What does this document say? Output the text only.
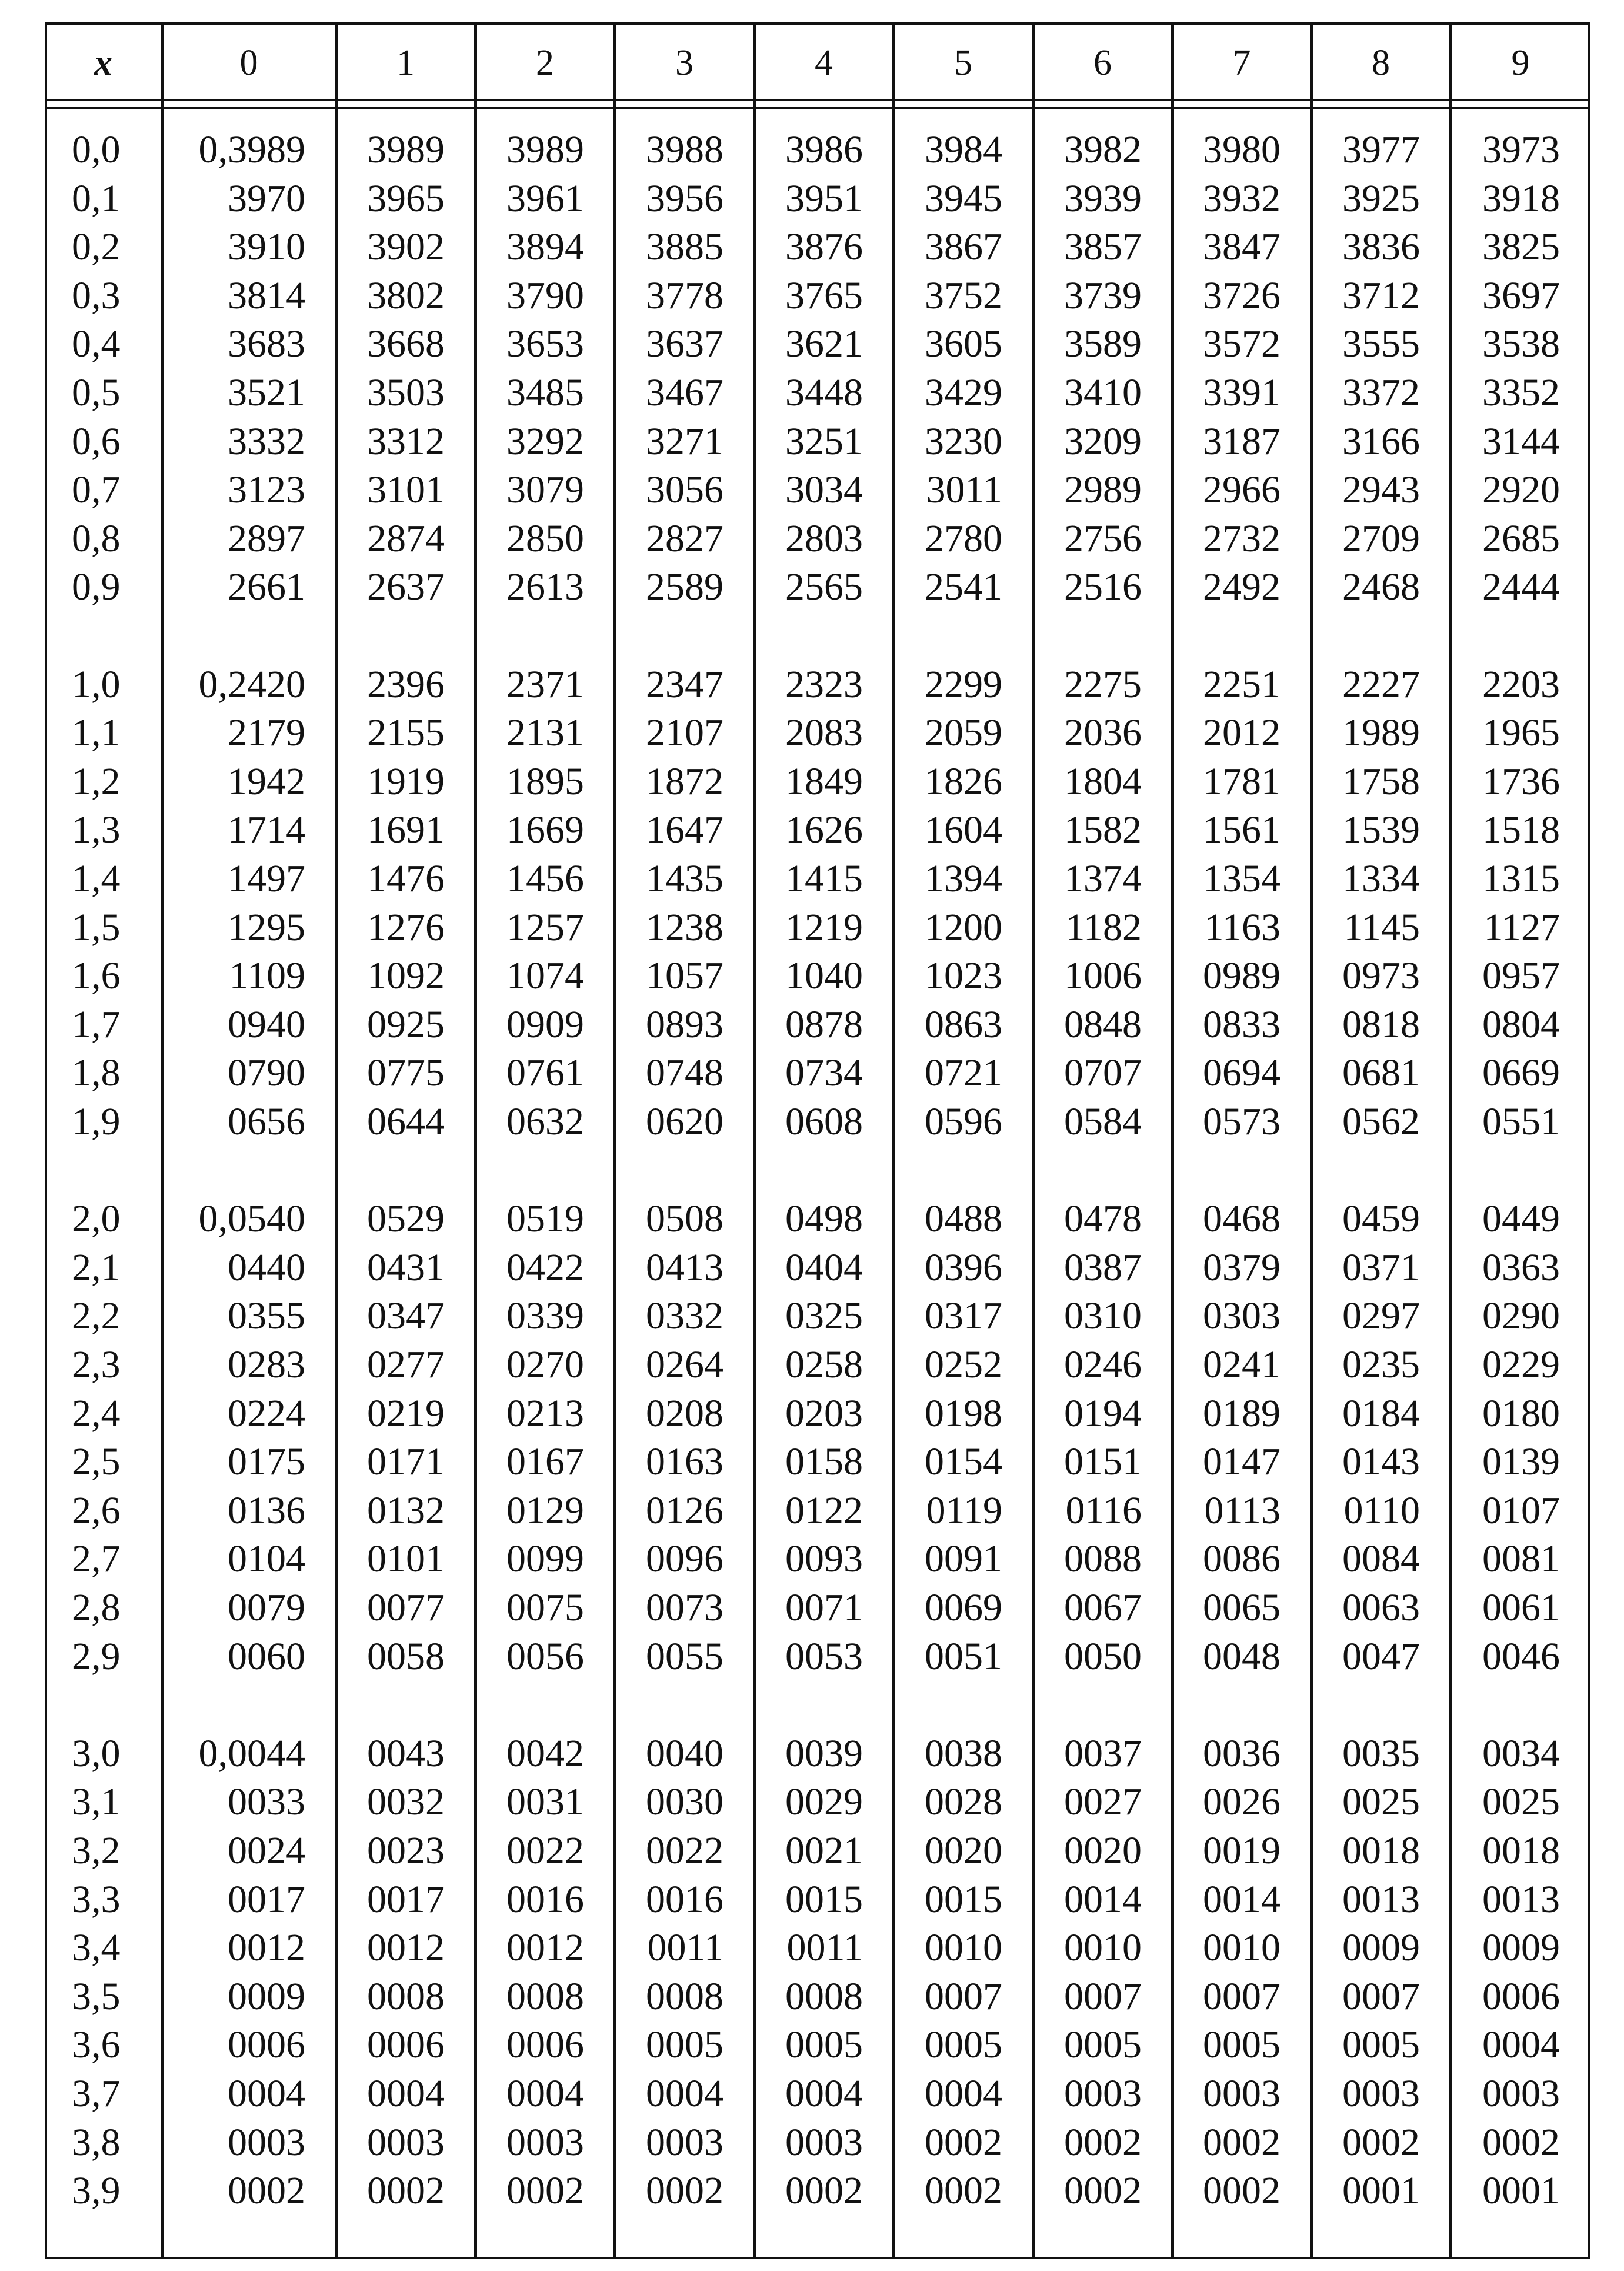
x	0	1	2	3	4	5	6	7	8	9
0,0	0,3989	3989	3989	3988	3986	3984	3982	3980	3977	3973
0,1	3970	3965	3961	3956	3951	3945	3939	3932	3925	3918
0,2	3910	3902	3894	3885	3876	3867	3857	3847	3836	3825
0,3	3814	3802	3790	3778	3765	3752	3739	3726	3712	3697
0,4	3683	3668	3653	3637	3621	3605	3589	3572	3555	3538
0,5	3521	3503	3485	3467	3448	3429	3410	3391	3372	3352
0,6	3332	3312	3292	3271	3251	3230	3209	3187	3166	3144
0,7	3123	3101	3079	3056	3034	3011	2989	2966	2943	2920
0,8	2897	2874	2850	2827	2803	2780	2756	2732	2709	2685
0,9	2661	2637	2613	2589	2565	2541	2516	2492	2468	2444
1,0	0,2420	2396	2371	2347	2323	2299	2275	2251	2227	2203
1,1	2179	2155	2131	2107	2083	2059	2036	2012	1989	1965
1,2	1942	1919	1895	1872	1849	1826	1804	1781	1758	1736
1,3	1714	1691	1669	1647	1626	1604	1582	1561	1539	1518
1,4	1497	1476	1456	1435	1415	1394	1374	1354	1334	1315
1,5	1295	1276	1257	1238	1219	1200	1182	1163	1145	1127
1,6	1109	1092	1074	1057	1040	1023	1006	0989	0973	0957
1,7	0940	0925	0909	0893	0878	0863	0848	0833	0818	0804
1,8	0790	0775	0761	0748	0734	0721	0707	0694	0681	0669
1,9	0656	0644	0632	0620	0608	0596	0584	0573	0562	0551
2,0	0,0540	0529	0519	0508	0498	0488	0478	0468	0459	0449
2,1	0440	0431	0422	0413	0404	0396	0387	0379	0371	0363
2,2	0355	0347	0339	0332	0325	0317	0310	0303	0297	0290
2,3	0283	0277	0270	0264	0258	0252	0246	0241	0235	0229
2,4	0224	0219	0213	0208	0203	0198	0194	0189	0184	0180
2,5	0175	0171	0167	0163	0158	0154	0151	0147	0143	0139
2,6	0136	0132	0129	0126	0122	0119	0116	0113	0110	0107
2,7	0104	0101	0099	0096	0093	0091	0088	0086	0084	0081
2,8	0079	0077	0075	0073	0071	0069	0067	0065	0063	0061
2,9	0060	0058	0056	0055	0053	0051	0050	0048	0047	0046
3,0	0,0044	0043	0042	0040	0039	0038	0037	0036	0035	0034
3,1	0033	0032	0031	0030	0029	0028	0027	0026	0025	0025
3,2	0024	0023	0022	0022	0021	0020	0020	0019	0018	0018
3,3	0017	0017	0016	0016	0015	0015	0014	0014	0013	0013
3,4	0012	0012	0012	0011	0011	0010	0010	0010	0009	0009
3,5	0009	0008	0008	0008	0008	0007	0007	0007	0007	0006
3,6	0006	0006	0006	0005	0005	0005	0005	0005	0005	0004
3,7	0004	0004	0004	0004	0004	0004	0003	0003	0003	0003
3,8	0003	0003	0003	0003	0003	0002	0002	0002	0002	0002
3,9	0002	0002	0002	0002	0002	0002	0002	0002	0001	0001
